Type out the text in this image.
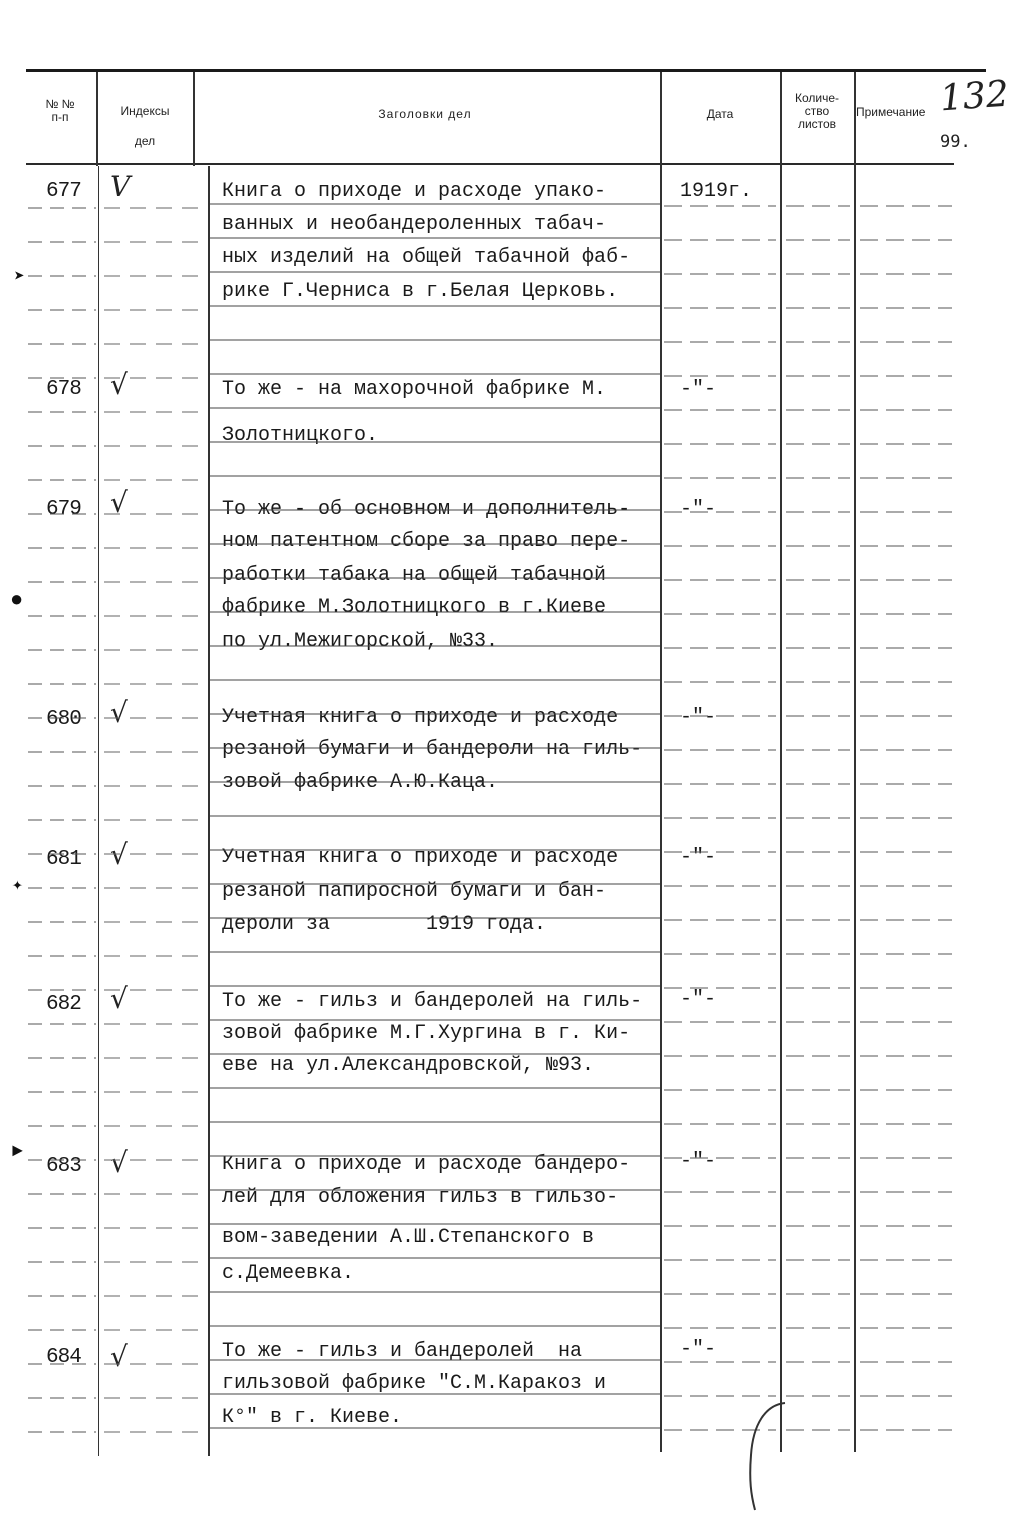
№ №
п-п	Индексы
дел
Заголовки дел	Дата
Количе-
ство
листов
Примечание 132
99.
677 V	Книга о приходе и расходе упако-
ванных и необандероленных табач-
ных изделий на общей табачной фаб-
рике Г.Черниса в г.Белая Церковь.
1919г.
678 √	То же - на махорочной фабрике М.
Золотницкого.
-"-
679 √	То же - об основном и дополнитель-
ном патентном сборе за право пере-
работки табака на общей табачной
фабрике М.Золотницкого в г.Киеве
по ул.Межигорской, №33.
-"-
680 √	Учетная книга о приходе и расходе
резаной бумаги и бандероли на гиль-
зовой фабрике А.Ю.Каца.
-"-
681 √	Учетная книга о приходе и расходе
резаной папиросной бумаги и бан-
дероли за        1919 года.
-"-
682 √	То же - гильз и бандеролей на гиль-
зовой фабрике М.Г.Хургина в г. Ки-
еве на ул.Александровской, №93.
-"-
683 √	Книга о приходе и расходе бандеро-
лей для обложения гильз в гильзо-
вом-заведении А.Ш.Степанского в
с.Демеевка.
-"-
684 √	То же - гильз и бандеролей  на
гильзовой фабрике "С.М.Каракоз и
К°" в г. Киеве.
-"-
➤
●
✦
►
